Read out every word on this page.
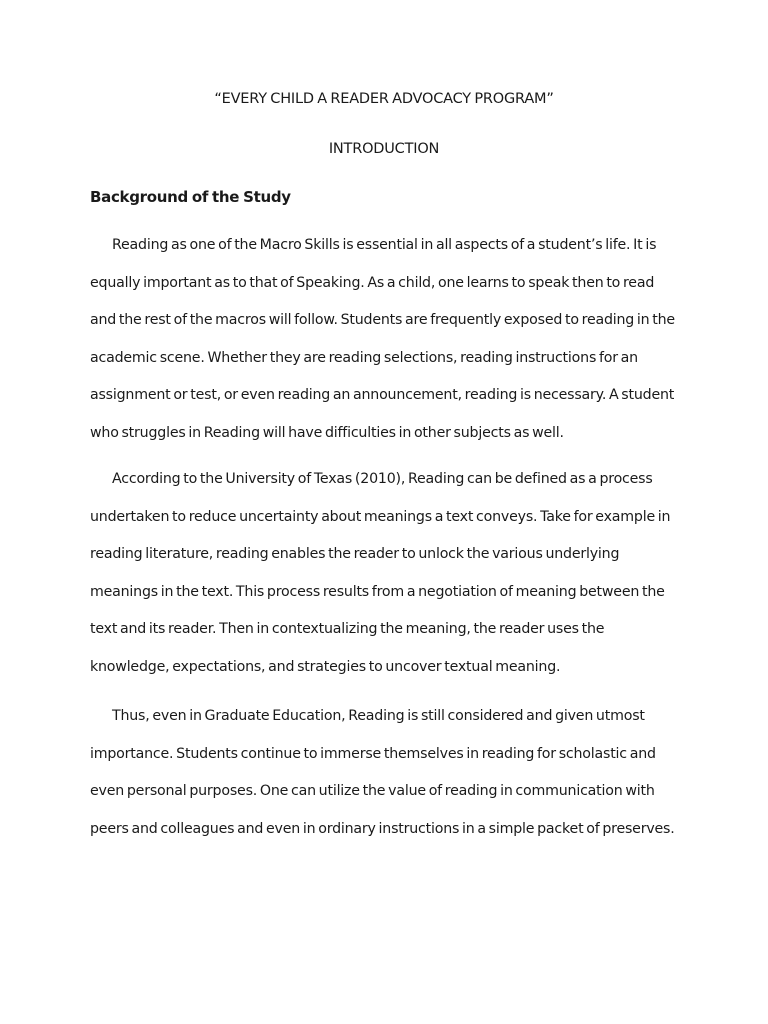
“EVERY CHILD A READER ADVOCACY PROGRAM”
INTRODUCTION
Background of the Study
Reading as one of the Macro Skills is essential in all aspects of a student’s life. It is
equally important as to that of Speaking. As a child, one learns to speak then to read
and the rest of the macros will follow. Students are frequently exposed to reading in the
academic scene. Whether they are reading selections, reading instructions for an
assignment or test, or even reading an announcement, reading is necessary. A student
who struggles in Reading will have difficulties in other subjects as well.
According to the University of Texas (2010), Reading can be defined as a process
undertaken to reduce uncertainty about meanings a text conveys. Take for example in
reading literature, reading enables the reader to unlock the various underlying
meanings in the text. This process results from a negotiation of meaning between the
text and its reader. Then in contextualizing the meaning, the reader uses the
knowledge, expectations, and strategies to uncover textual meaning.
Thus, even in Graduate Education, Reading is still considered and given utmost
importance. Students continue to immerse themselves in reading for scholastic and
even personal purposes. One can utilize the value of reading in communication with
peers and colleagues and even in ordinary instructions in a simple packet of preserves.
